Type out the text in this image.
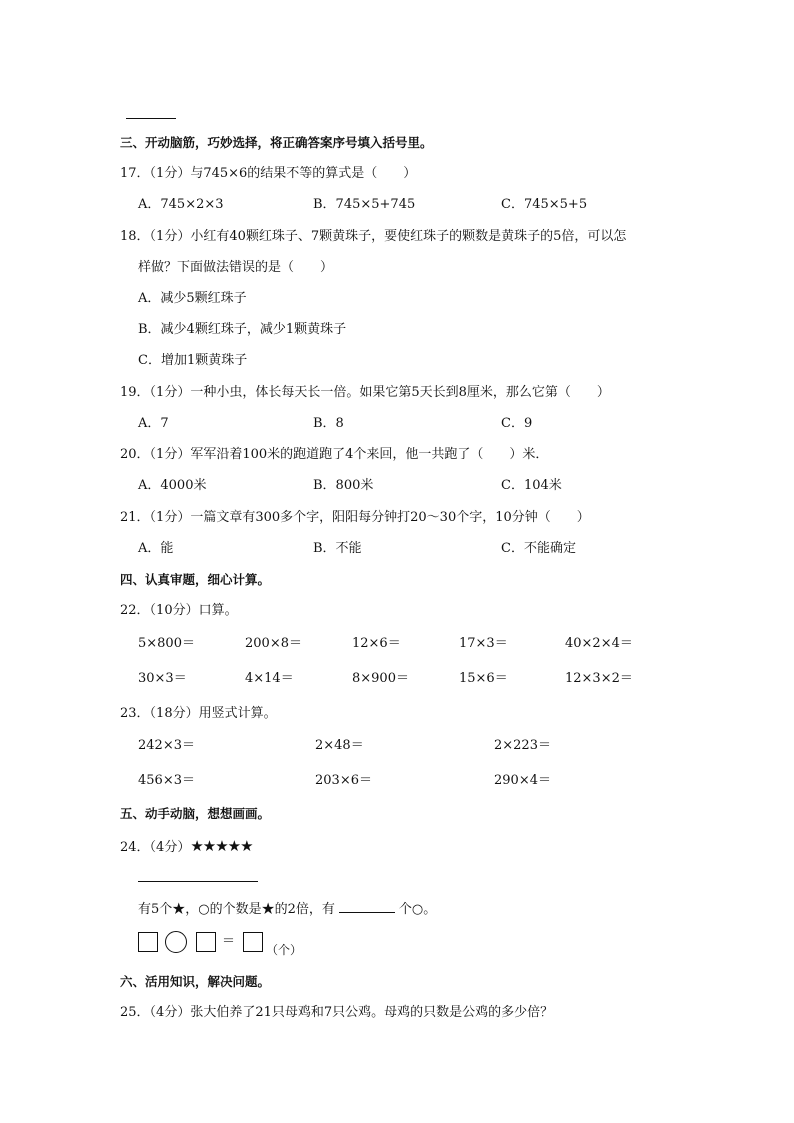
三、开动脑筋，巧妙选择，将正确答案序号填入括号里。
17．（1分）与745×6的结果不等的算式是（　　）
A．745×2×3	B．745×5+745	C．745×5+5
18．（1分）小红有40颗红珠子、7颗黄珠子，要使红珠子的颗数是黄珠子的5倍，可以怎
样做？下面做法错误的是（　　）
A．减少5颗红珠子
B．减少4颗红珠子，减少1颗黄珠子
C．增加1颗黄珠子
19．（1分）一种小虫，体长每天长一倍。如果它第5天长到8厘米，那么它第（　　）
A．7	B．8	C．9
20．（1分）军军沿着100米的跑道跑了4个来回，他一共跑了（　　）米．
A．4000米	B．800米	C．104米
21．（1分）一篇文章有300多个字，阳阳每分钟打20～30个字，10分钟（　　）
A．能	B．不能	C．不能确定
四、认真审题，细心计算。
22．（10分）口算。
5×800＝	200×8＝	12×6＝	17×3＝	40×2×4＝
30×3＝	4×14＝	8×900＝	15×6＝	12×3×2＝
23．（18分）用竖式计算。
242×3＝	2×48＝	2×223＝
456×3＝	203×6＝	290×4＝
五、动手动脑，想想画画。
24．（4分）★★★★★
有5个★，○的个数是★的2倍，有	个○。
＝
（个）
六、活用知识，解决问题。
25．（4分）张大伯养了21只母鸡和7只公鸡。母鸡的只数是公鸡的多少倍？
